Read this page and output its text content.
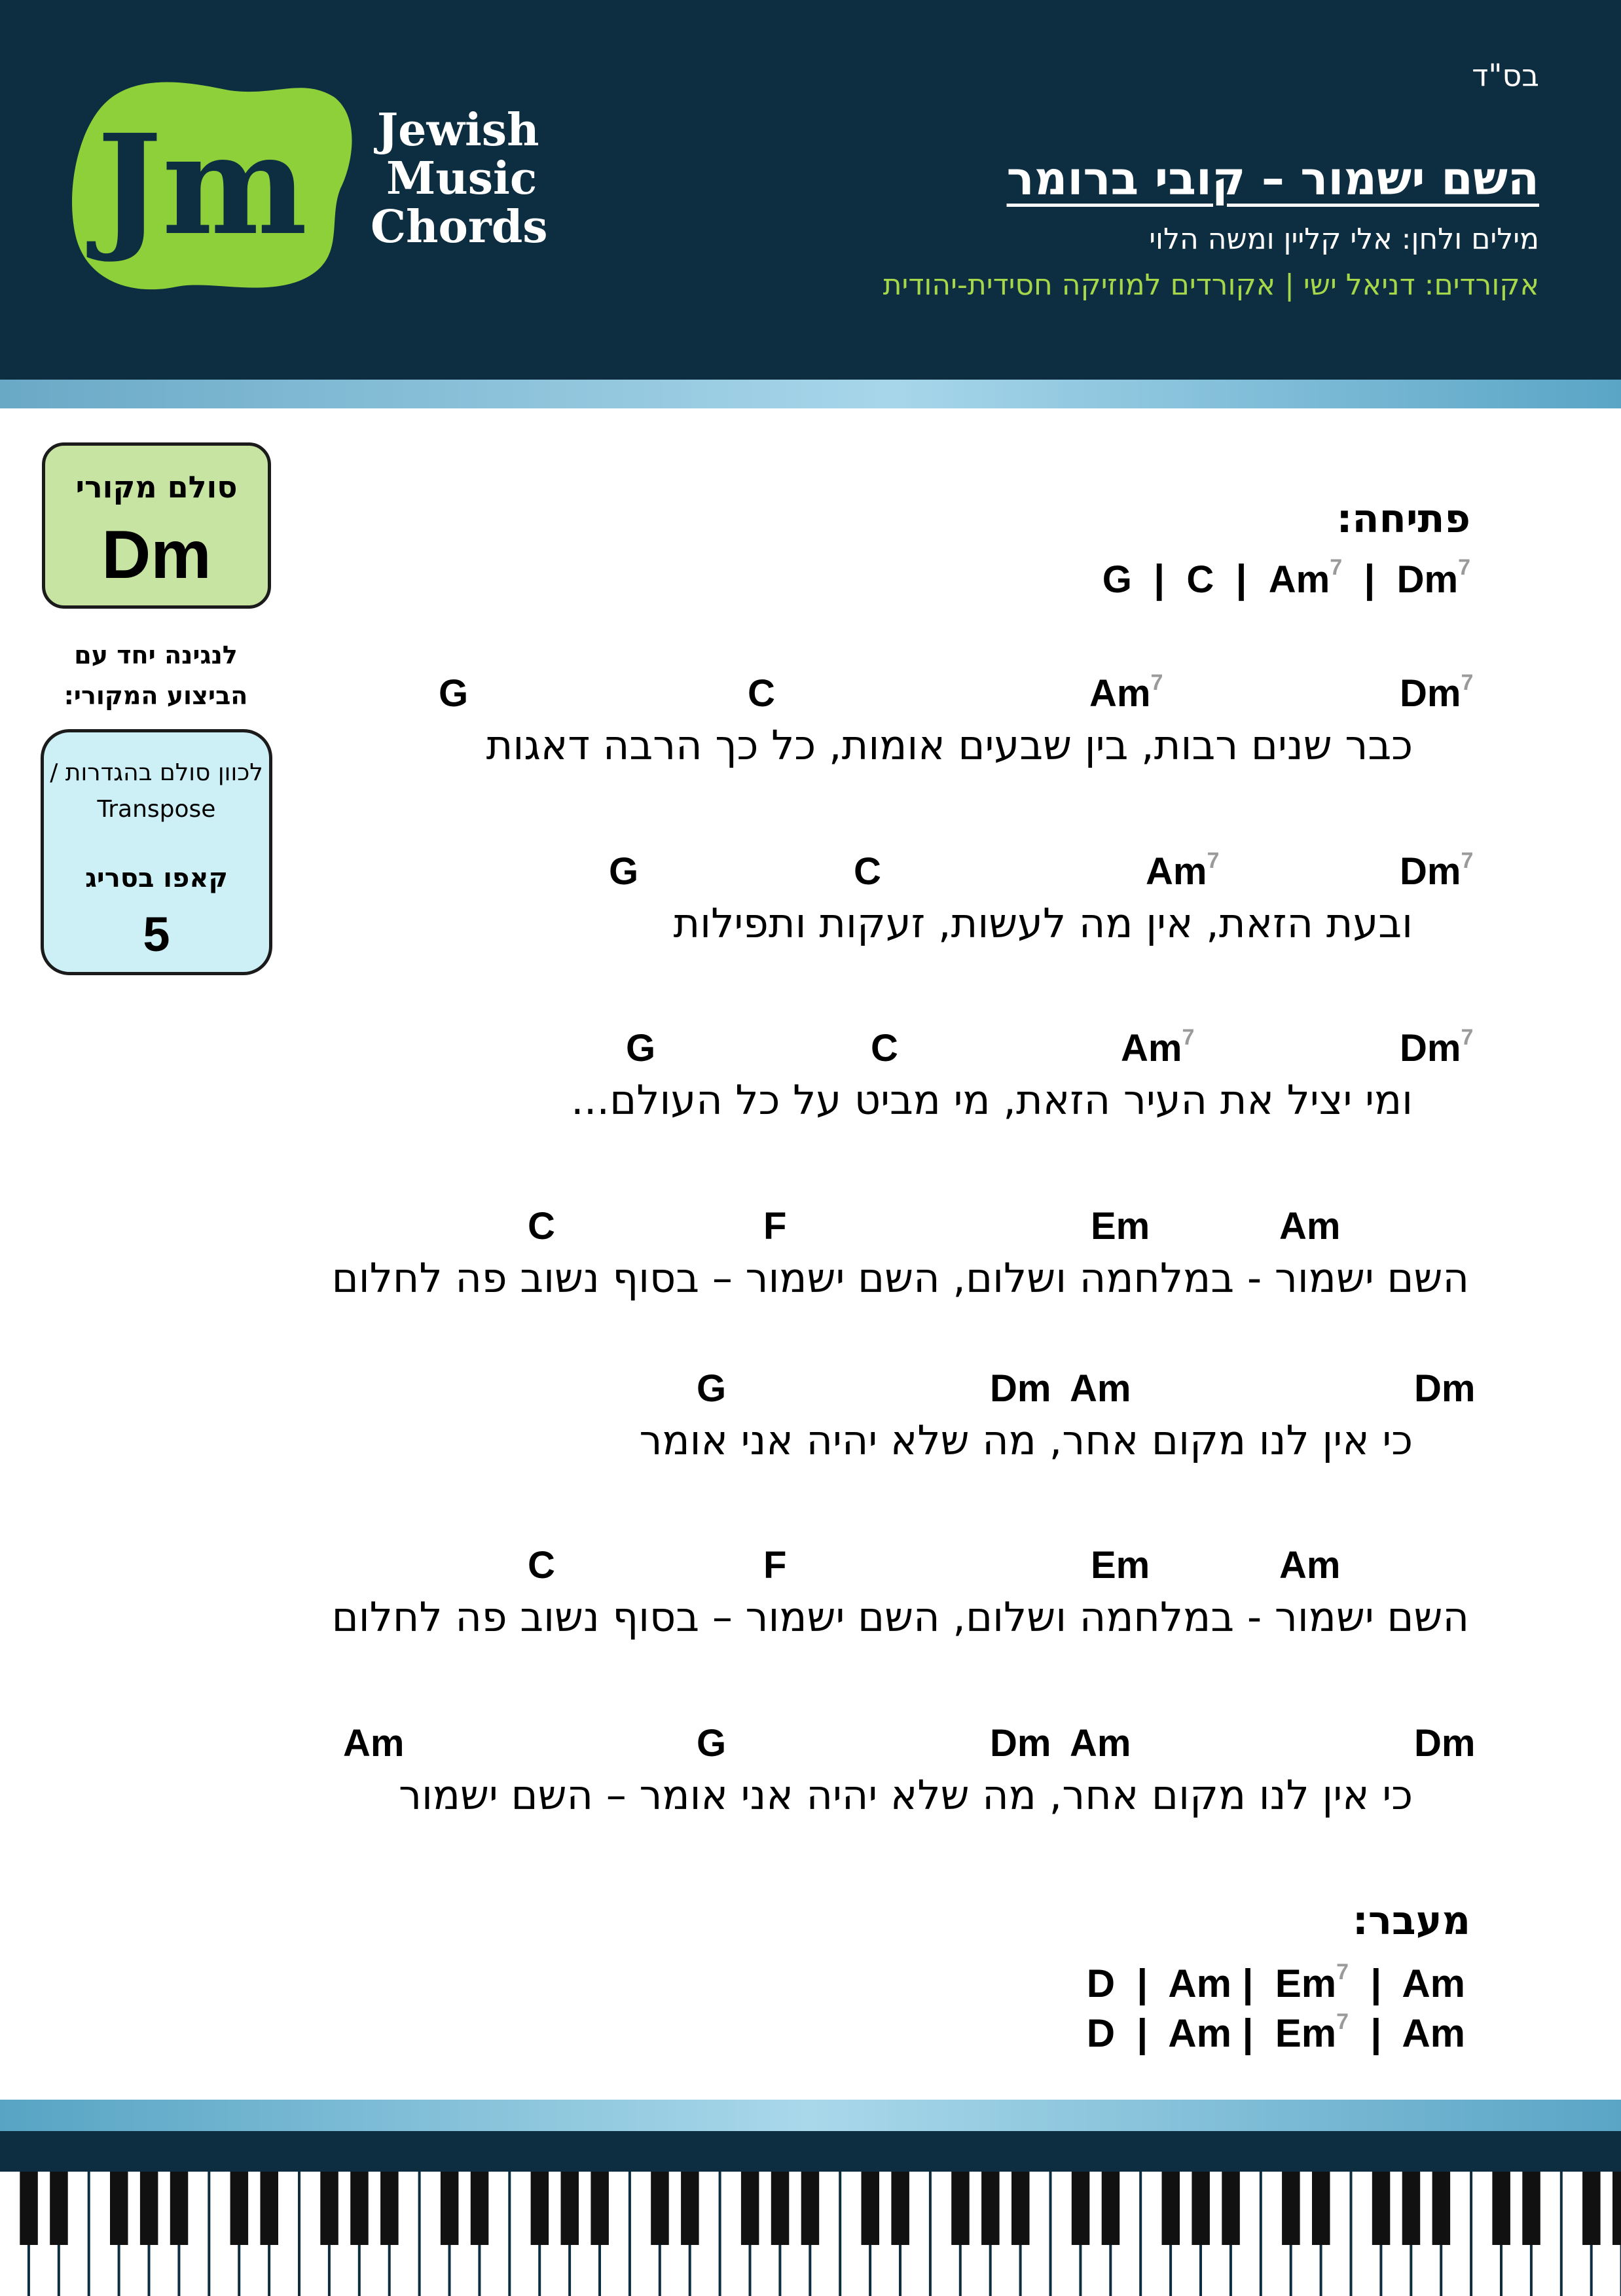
Jm Jewish
Music
Chords
בס"ד
השם ישמור – קובי ברומר
מילים ולחן: אלי קליין ומשה הלוי
אקורדים: דניאל ישי | אקורדים למוזיקה חסידית-יהודית
סולם מקורי
Dm
לנגינה יחד עם הביצוע המקורי:
לכוון סולם בהגדרות / Transpose
קאפו בסריג
5
פתיחה:
G  |  C  |  Am$^7$  |  Dm$^7$
G	C	Am$^7$	Dm$^7$
כבר שנים רבות, בין שבעים אומות, כל כך הרבה דאגות
G	C	Am$^7$	Dm$^7$
ובעת הזאת, אין מה לעשות, זעקות ותפילות
G	C	Am$^7$	Dm$^7$
ומי יציל את העיר הזאת, מי מביט על כל העולם...
C	F	Em	Am
השם ישמור - במלחמה ושלום, השם ישמור – בסוף נשוב פה לחלום
G	Dm Am	Dm
כי אין לנו מקום אחר, מה שלא יהיה אני אומר
C	F	Em	Am
השם ישמור - במלחמה ושלום, השם ישמור – בסוף נשוב פה לחלום
Am	G	Dm Am	Dm
כי אין לנו מקום אחר, מה שלא יהיה אני אומר – השם ישמור
מעבר:
D  |  Am |  Em$^7$  |  Am
D  |  Am |  Em$^7$  |  Am
